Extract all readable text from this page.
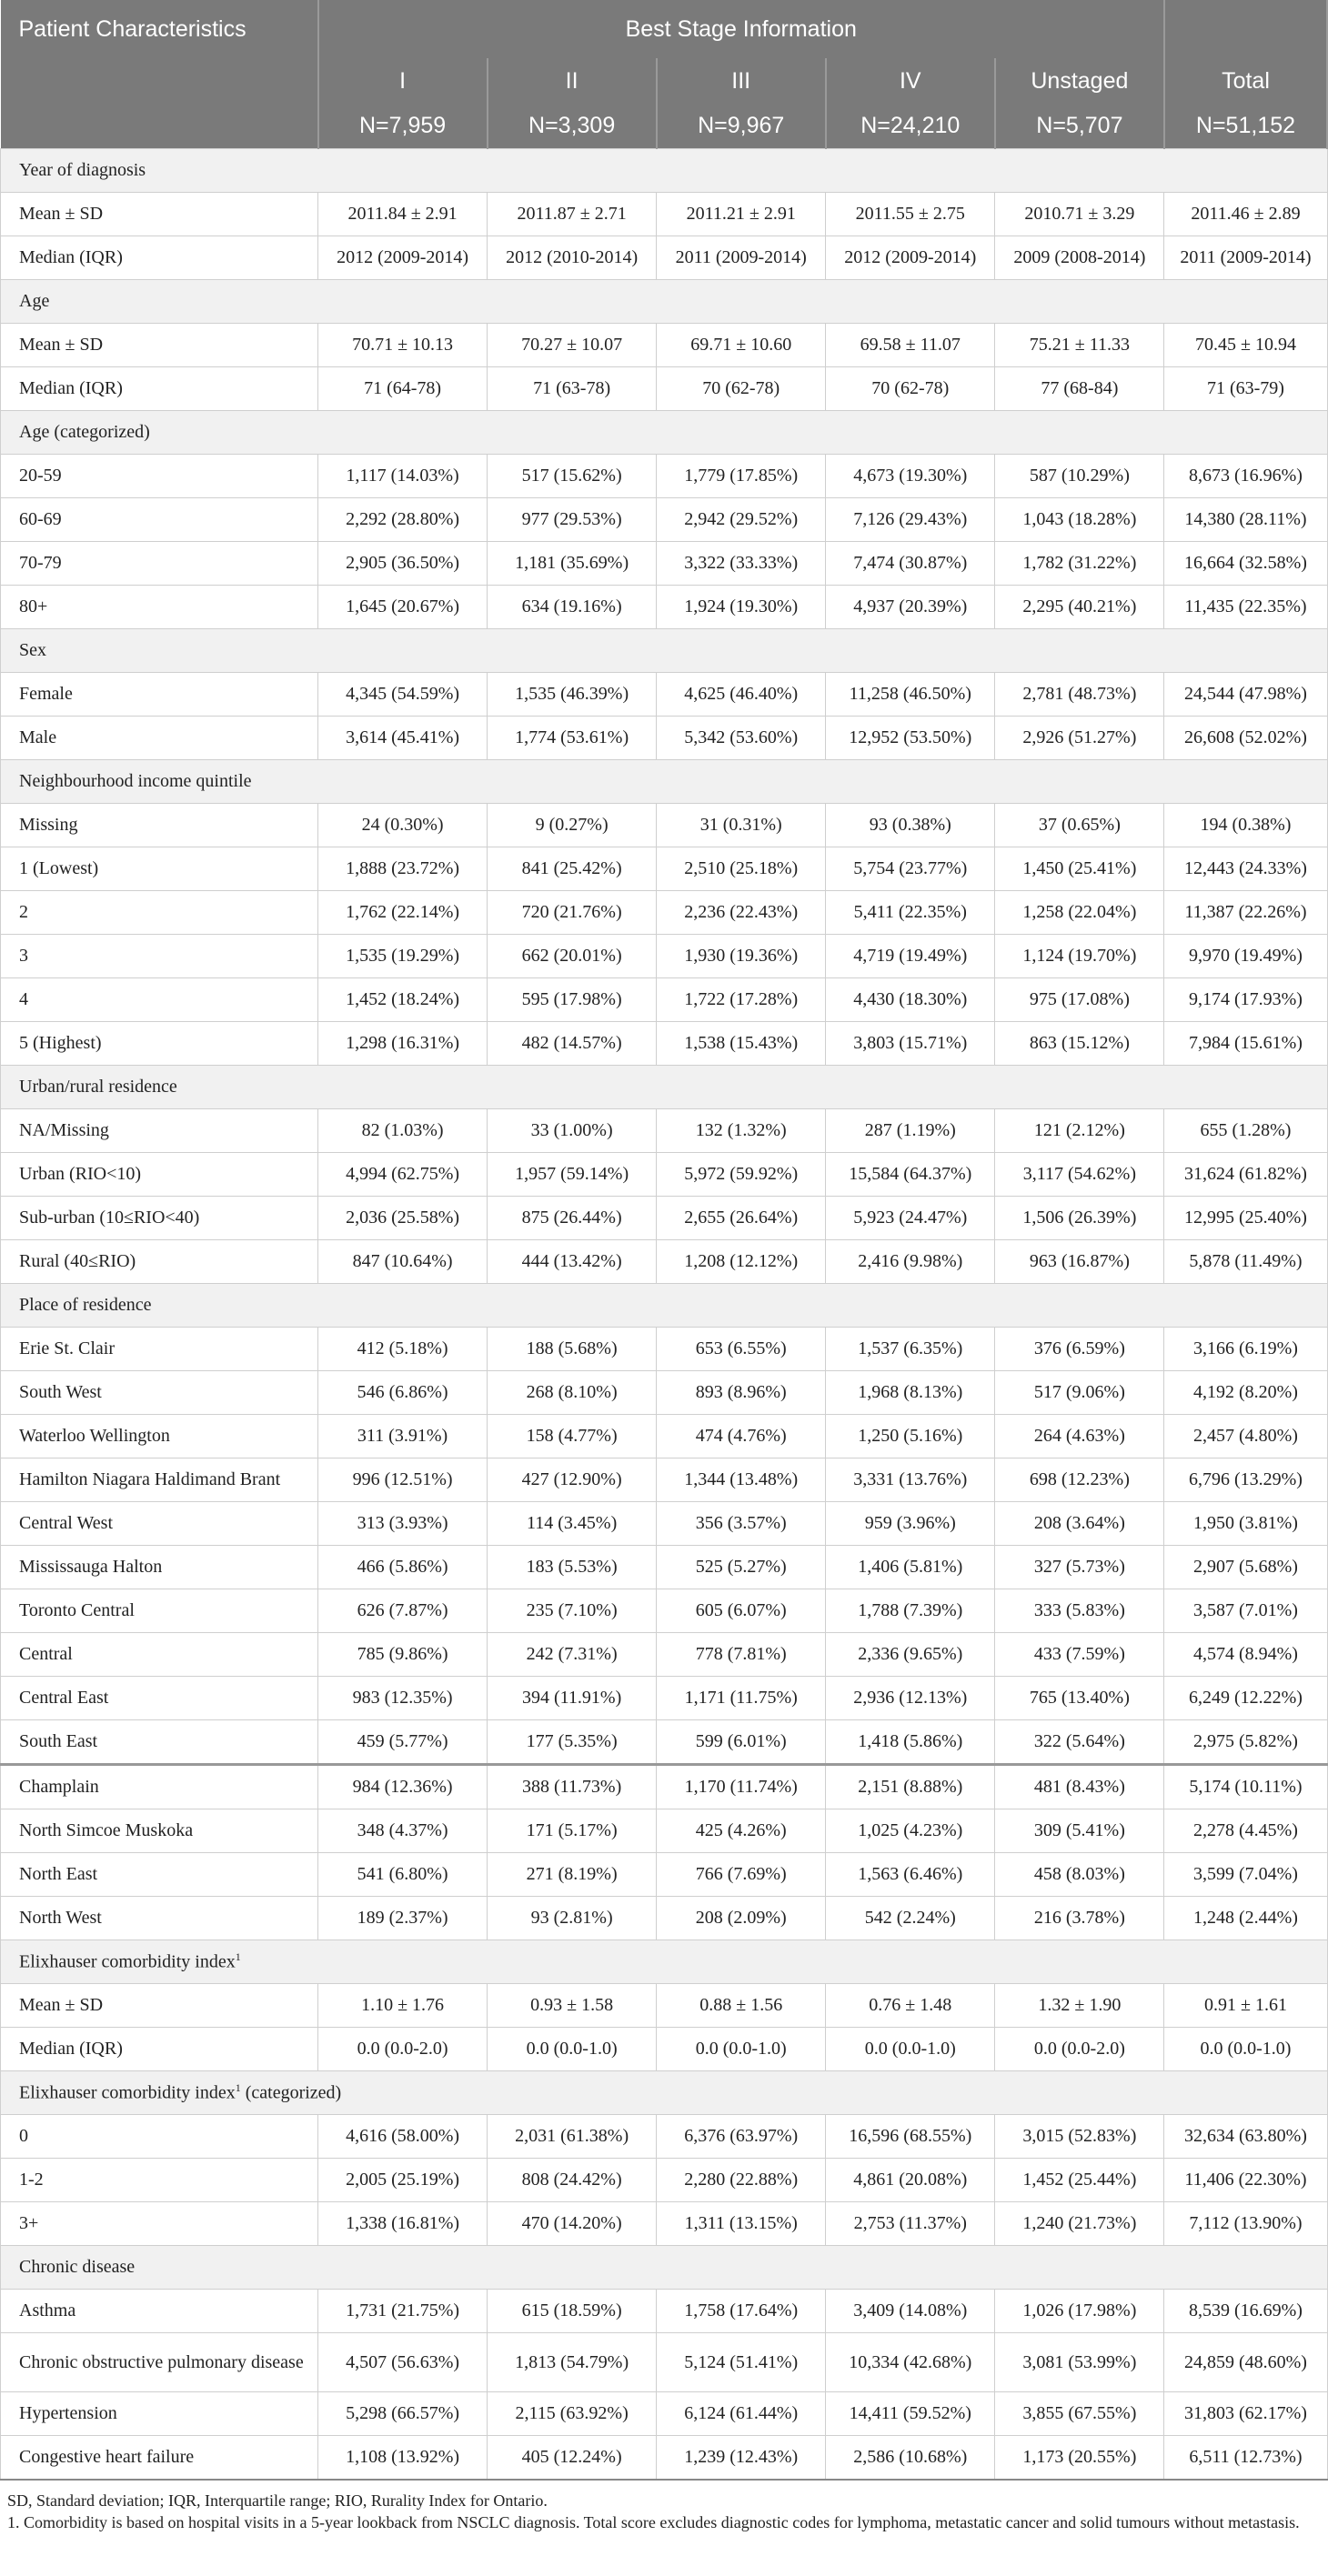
Patient Characteristics	Best Stage Information					
	I	II	III	IV	Unstaged	Total
	N=7,959	N=3,309	N=9,967	N=24,210	N=5,707	N=51,152
Year of diagnosis						
Mean ± SD	2011.84 ± 2.91	2011.87 ± 2.71	2011.21 ± 2.91	2011.55 ± 2.75	2010.71 ± 3.29	2011.46 ± 2.89
Median (IQR)	2012 (2009-2014)	2012 (2010-2014)	2011 (2009-2014)	2012 (2009-2014)	2009 (2008-2014)	2011 (2009-2014)
Age						
Mean ± SD	70.71 ± 10.13	70.27 ± 10.07	69.71 ± 10.60	69.58 ± 11.07	75.21 ± 11.33	70.45 ± 10.94
Median (IQR)	71 (64-78)	71 (63-78)	70 (62-78)	70 (62-78)	77 (68-84)	71 (63-79)
Age (categorized)						
20-59	1,117 (14.03%)	517 (15.62%)	1,779 (17.85%)	4,673 (19.30%)	587 (10.29%)	8,673 (16.96%)
60-69	2,292 (28.80%)	977 (29.53%)	2,942 (29.52%)	7,126 (29.43%)	1,043 (18.28%)	14,380 (28.11%)
70-79	2,905 (36.50%)	1,181 (35.69%)	3,322 (33.33%)	7,474 (30.87%)	1,782 (31.22%)	16,664 (32.58%)
80+	1,645 (20.67%)	634 (19.16%)	1,924 (19.30%)	4,937 (20.39%)	2,295 (40.21%)	11,435 (22.35%)
Sex						
Female	4,345 (54.59%)	1,535 (46.39%)	4,625 (46.40%)	11,258 (46.50%)	2,781 (48.73%)	24,544 (47.98%)
Male	3,614 (45.41%)	1,774 (53.61%)	5,342 (53.60%)	12,952 (53.50%)	2,926 (51.27%)	26,608 (52.02%)
Neighbourhood income quintile						
Missing	24 (0.30%)	9 (0.27%)	31 (0.31%)	93 (0.38%)	37 (0.65%)	194 (0.38%)
1 (Lowest)	1,888 (23.72%)	841 (25.42%)	2,510 (25.18%)	5,754 (23.77%)	1,450 (25.41%)	12,443 (24.33%)
2	1,762 (22.14%)	720 (21.76%)	2,236 (22.43%)	5,411 (22.35%)	1,258 (22.04%)	11,387 (22.26%)
3	1,535 (19.29%)	662 (20.01%)	1,930 (19.36%)	4,719 (19.49%)	1,124 (19.70%)	9,970 (19.49%)
4	1,452 (18.24%)	595 (17.98%)	1,722 (17.28%)	4,430 (18.30%)	975 (17.08%)	9,174 (17.93%)
5 (Highest)	1,298 (16.31%)	482 (14.57%)	1,538 (15.43%)	3,803 (15.71%)	863 (15.12%)	7,984 (15.61%)
Urban/rural residence						
NA/Missing	82 (1.03%)	33 (1.00%)	132 (1.32%)	287 (1.19%)	121 (2.12%)	655 (1.28%)
Urban (RIO<10)	4,994 (62.75%)	1,957 (59.14%)	5,972 (59.92%)	15,584 (64.37%)	3,117 (54.62%)	31,624 (61.82%)
Sub-urban (10≤RIO<40)	2,036 (25.58%)	875 (26.44%)	2,655 (26.64%)	5,923 (24.47%)	1,506 (26.39%)	12,995 (25.40%)
Rural (40≤RIO)	847 (10.64%)	444 (13.42%)	1,208 (12.12%)	2,416 (9.98%)	963 (16.87%)	5,878 (11.49%)
Place of residence						
Erie St. Clair	412 (5.18%)	188 (5.68%)	653 (6.55%)	1,537 (6.35%)	376 (6.59%)	3,166 (6.19%)
South West	546 (6.86%)	268 (8.10%)	893 (8.96%)	1,968 (8.13%)	517 (9.06%)	4,192 (8.20%)
Waterloo Wellington	311 (3.91%)	158 (4.77%)	474 (4.76%)	1,250 (5.16%)	264 (4.63%)	2,457 (4.80%)
Hamilton Niagara Haldimand Brant	996 (12.51%)	427 (12.90%)	1,344 (13.48%)	3,331 (13.76%)	698 (12.23%)	6,796 (13.29%)
Central West	313 (3.93%)	114 (3.45%)	356 (3.57%)	959 (3.96%)	208 (3.64%)	1,950 (3.81%)
Mississauga Halton	466 (5.86%)	183 (5.53%)	525 (5.27%)	1,406 (5.81%)	327 (5.73%)	2,907 (5.68%)
Toronto Central	626 (7.87%)	235 (7.10%)	605 (6.07%)	1,788 (7.39%)	333 (5.83%)	3,587 (7.01%)
Central	785 (9.86%)	242 (7.31%)	778 (7.81%)	2,336 (9.65%)	433 (7.59%)	4,574 (8.94%)
Central East	983 (12.35%)	394 (11.91%)	1,171 (11.75%)	2,936 (12.13%)	765 (13.40%)	6,249 (12.22%)
South East	459 (5.77%)	177 (5.35%)	599 (6.01%)	1,418 (5.86%)	322 (5.64%)	2,975 (5.82%)
Champlain	984 (12.36%)	388 (11.73%)	1,170 (11.74%)	2,151 (8.88%)	481 (8.43%)	5,174 (10.11%)
North Simcoe Muskoka	348 (4.37%)	171 (5.17%)	425 (4.26%)	1,025 (4.23%)	309 (5.41%)	2,278 (4.45%)
North East	541 (6.80%)	271 (8.19%)	766 (7.69%)	1,563 (6.46%)	458 (8.03%)	3,599 (7.04%)
North West	189 (2.37%)	93 (2.81%)	208 (2.09%)	542 (2.24%)	216 (3.78%)	1,248 (2.44%)
Elixhauser comorbidity index$^1$
Mean ± SD	1.10 ± 1.76	0.93 ± 1.58	0.88 ± 1.56	0.76 ± 1.48	1.32 ± 1.90	0.91 ± 1.61
Median (IQR)	0.0 (0.0-2.0)	0.0 (0.0-1.0)	0.0 (0.0-1.0)	0.0 (0.0-1.0)	0.0 (0.0-2.0)	0.0 (0.0-1.0)
Elixhauser comorbidity index$^1$ (categorized)						
0	4,616 (58.00%)	2,031 (61.38%)	6,376 (63.97%)	16,596 (68.55%)	3,015 (52.83%)	32,634 (63.80%)
1-2	2,005 (25.19%)	808 (24.42%)	2,280 (22.88%)	4,861 (20.08%)	1,452 (25.44%)	11,406 (22.30%)
3+	1,338 (16.81%)	470 (14.20%)	1,311 (13.15%)	2,753 (11.37%)	1,240 (21.73%)	7,112 (13.90%)
Chronic disease						
Asthma	1,731 (21.75%)	615 (18.59%)	1,758 (17.64%)	3,409 (14.08%)	1,026 (17.98%)	8,539 (16.69%)
Chronic obstructive pulmonary disease	4,507 (56.63%)	1,813 (54.79%)	5,124 (51.41%)	10,334 (42.68%)	3,081 (53.99%)	24,859 (48.60%)
Hypertension	5,298 (66.57%)	2,115 (63.92%)	6,124 (61.44%)	14,411 (59.52%)	3,855 (67.55%)	31,803 (62.17%)
Congestive heart failure	1,108 (13.92%)	405 (12.24%)	1,239 (12.43%)	2,586 (10.68%)	1,173 (20.55%)	6,511 (12.73%)

SD, Standard deviation; IQR, Interquartile range; RIO, Rurality Index for Ontario.

1. Comorbidity is based on hospital visits in a 5-year lookback from NSCLC diagnosis. Total score excludes diagnostic codes for lymphoma, metastatic cancer and solid tumours without metastasis.
